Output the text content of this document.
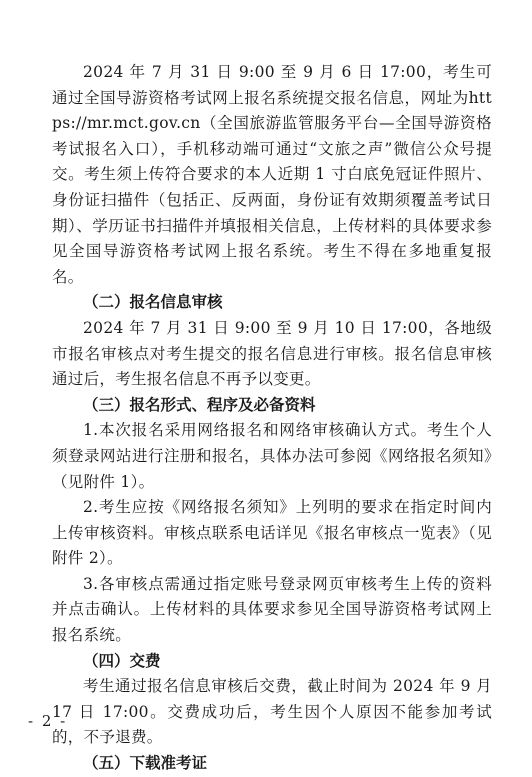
2024 年 7 月 31 日 9:00 至 9 月 6 日 17:00，考生可通过全国导游资格考试网上报名系统提交报名信息，网址为https://mr.mct.gov.cn（全国旅游监管服务平台—全国导游资格考试报名入口），手机移动端可通过“文旅之声”微信公众号提交。考生须上传符合要求的本人近期 1 寸白底免冠证件照片、身份证扫描件（包括正、反两面，身份证有效期须覆盖考试日期）、学历证书扫描件并填报相关信息，上传材料的具体要求参见全国导游资格考试网上报名系统。考生不得在多地重复报名。

（二）报名信息审核

2024 年 7 月 31 日 9:00 至 9 月 10 日 17:00，各地级市报名审核点对考生提交的报名信息进行审核。报名信息审核通过后，考生报名信息不再予以变更。

（三）报名形式、程序及必备资料

1.本次报名采用网络报名和网络审核确认方式。考生个人须登录网站进行注册和报名，具体办法可参阅《网络报名须知》（见附件 1）。

2.考生应按《网络报名须知》上列明的要求在指定时间内上传审核资料。审核点联系电话详见《报名审核点一览表》（见附件 2）。

3.各审核点需通过指定账号登录网页审核考生上传的资料并点击确认。上传材料的具体要求参见全国导游资格考试网上报名系统。

（四）交费

考生通过报名信息审核后交费，截止时间为 2024 年 9 月 17 日 17:00。交费成功后，考生因个人原因不能参加考试的，不予退费。

（五）下载准考证

- 2 -
